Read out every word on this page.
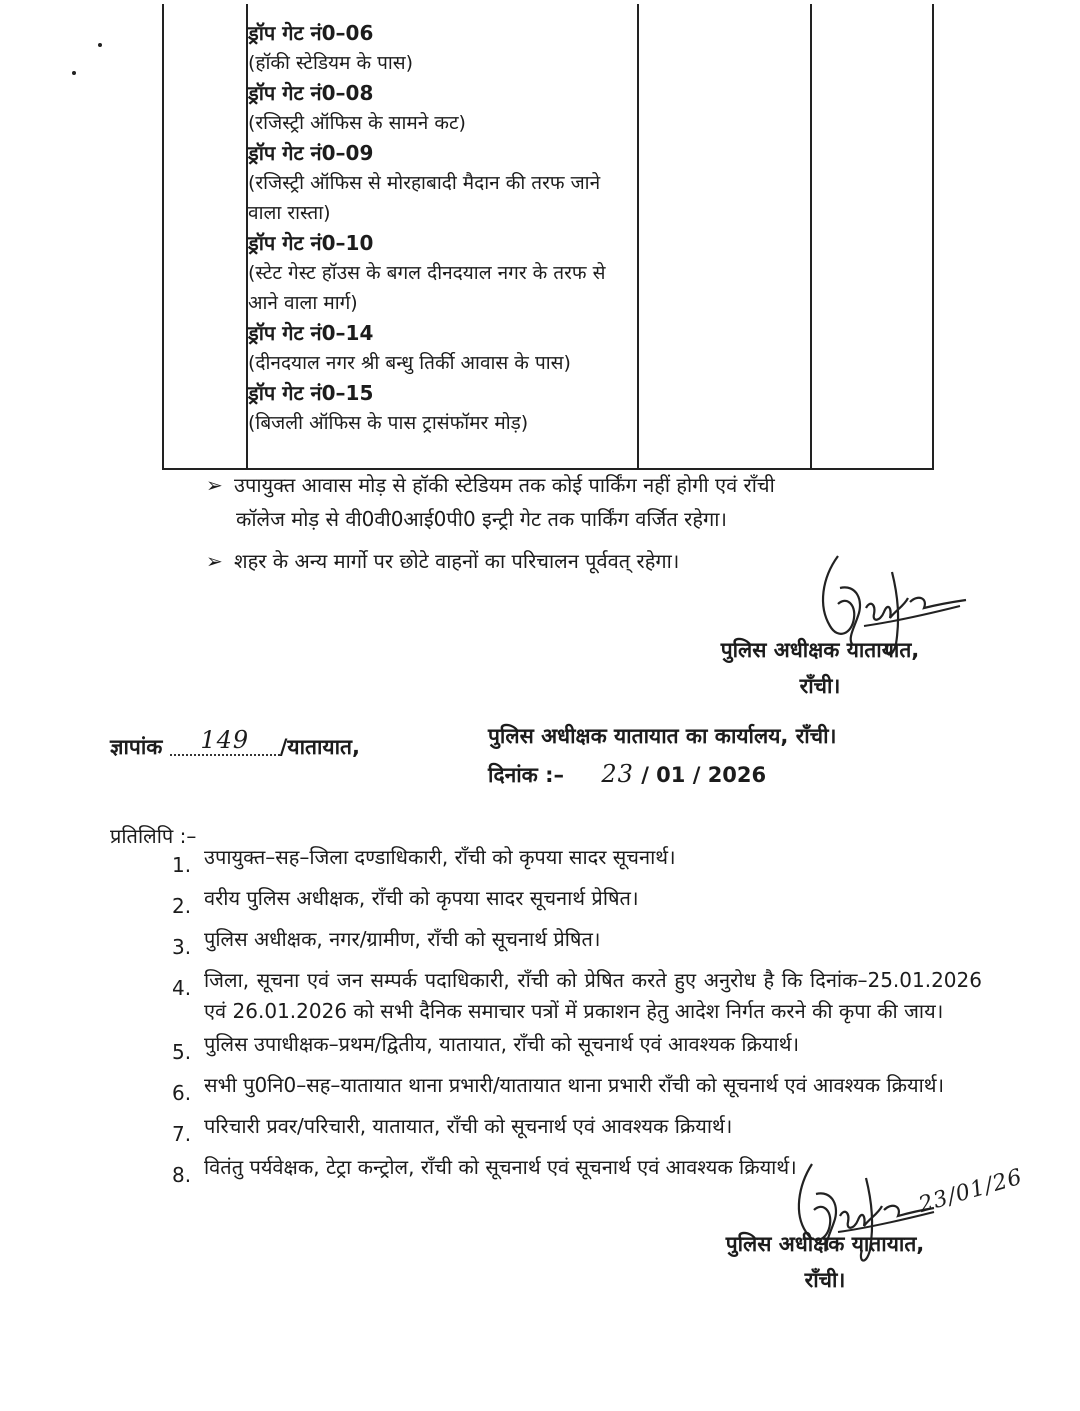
ड्रॉप गेट नं0–06

(हॉकी स्टेडियम के पास)

ड्रॉप गेट नं0–08

(रजिस्ट्री ऑफिस के सामने कट)

ड्रॉप गेट नं0–09

(रजिस्ट्री ऑफिस से मोरहाबादी मैदान की तरफ जाने वाला रास्ता)

ड्रॉप गेट नं0–10

(स्टेट गेस्ट हॉउस के बगल दीनदयाल नगर के तरफ से आने वाला मार्ग)

ड्रॉप गेट नं0–14

(दीनदयाल नगर श्री बन्धु तिर्की आवास के पास)

ड्रॉप गेट नं0–15

(बिजली ऑफिस के पास ट्रासंफॉमर मोड़)

➢ उपायुक्त आवास मोड़ से हॉकी स्टेडियम तक कोई पार्किंग नहीं होगी एवं राँची
कॉलेज मोड़ से वी0वी0आई0पी0 इन्ट्री गेट तक पार्किंग वर्जित रहेगा।
➢ शहर के अन्य मार्गो पर छोटे वाहनों का परिचालन पूर्ववत् रहेगा।
पुलिस अधीक्षक यातायात,
राँची।
ज्ञापांक 149 /यातायात,	पुलिस अधीक्षक यातायात का कार्यालय, राँची।
दिनांक :– 23 / 01 / 2026
प्रतिलिपि :–
1. उपायुक्त–सह–जिला दण्डाधिकारी, राँची को कृपया सादर सूचनार्थ।
2. वरीय पुलिस अधीक्षक, राँची को कृपया सादर सूचनार्थ प्रेषित।
3. पुलिस अधीक्षक, नगर/ग्रामीण, राँची को सूचनार्थ प्रेषित।
4. जिला, सूचना एवं जन सम्पर्क पदाधिकारी, राँची को प्रेषित करते हुए अनुरोध है कि दिनांक–25.01.2026 एवं 26.01.2026 को सभी दैनिक समाचार पत्रों में प्रकाशन हेतु आदेश निर्गत करने की कृपा की जाय।
5. पुलिस उपाधीक्षक–प्रथम/द्वितीय, यातायात, राँची को सूचनार्थ एवं आवश्यक क्रियार्थ।
6. सभी पु0नि0–सह–यातायात थाना प्रभारी/यातायात थाना प्रभारी राँची को सूचनार्थ एवं आवश्यक क्रियार्थ।
7. परिचारी प्रवर/परिचारी, यातायात, राँची को सूचनार्थ एवं आवश्यक क्रियार्थ।
8. वितंतु पर्यवेक्षक, टेट्रा कन्ट्रोल, राँची को सूचनार्थ एवं सूचनार्थ एवं आवश्यक क्रियार्थ।	23/01/26
पुलिस अधीक्षक यातायात,
राँची।
